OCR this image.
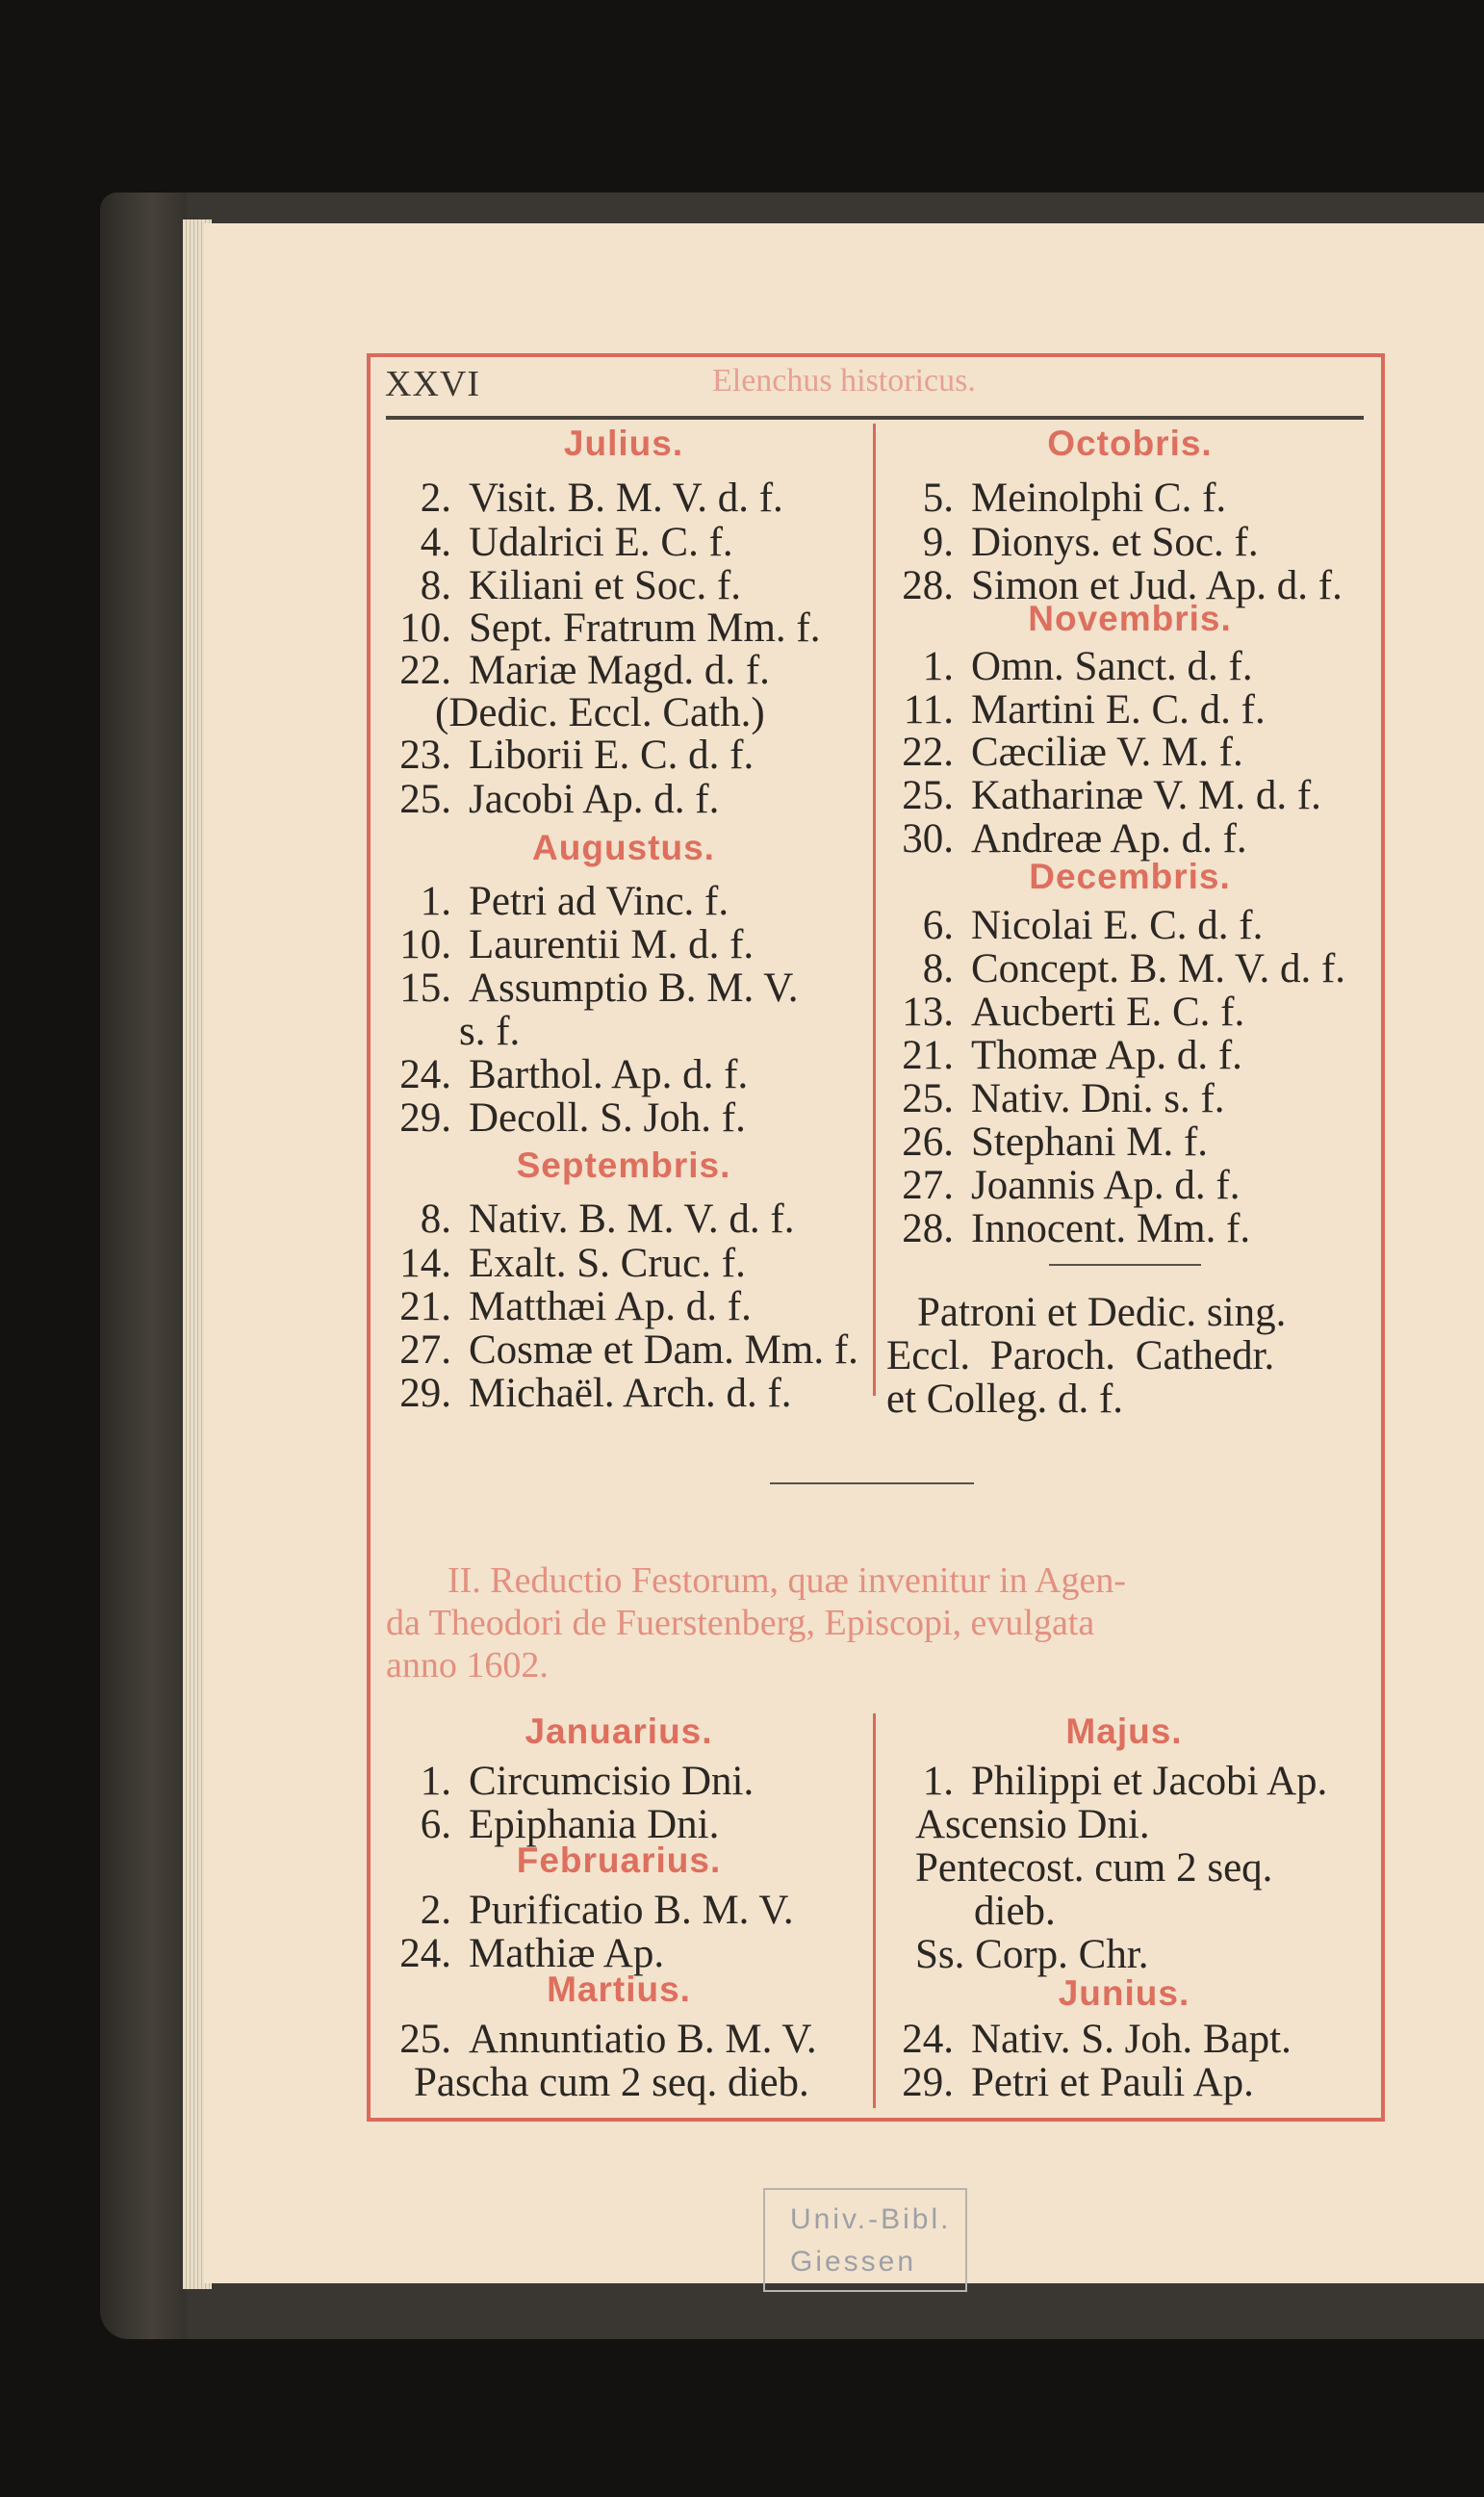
XXVI	Elenchus historicus.
Julius.
2. Visit. B. M. V. d. f.
4. Udalrici E. C. f.
8. Kiliani et Soc. f.
10. Sept. Fratrum Mm. f.
22. Mariæ Magd. d. f.
(Dedic. Eccl. Cath.)
23. Liborii E. C. d. f.
25. Jacobi Ap. d. f.
Augustus.
1. Petri ad Vinc. f.
10. Laurentii M. d. f.
15. Assumptio B. M. V.
s. f.
24. Barthol. Ap. d. f.
29. Decoll. S. Joh. f.
Septembris.
8. Nativ. B. M. V. d. f.
14. Exalt. S. Cruc. f.
21. Matthæi Ap. d. f.
27. Cosmæ et Dam. Mm. f.
29. Michaël. Arch. d. f.
Octobris.
5. Meinolphi C. f.
9. Dionys. et Soc. f.
28. Simon et Jud. Ap. d. f.
Novembris.
1. Omn. Sanct. d. f.
11. Martini E. C. d. f.
22. Cæciliæ V. M. f.
25. Katharinæ V. M. d. f.
30. Andreæ Ap. d. f.
Decembris.
6. Nicolai E. C. d. f.
8. Concept. B. M. V. d. f.
13. Aucberti E. C. f.
21. Thomæ Ap. d. f.
25. Nativ. Dni. s. f.
26. Stephani M. f.
27. Joannis Ap. d. f.
28. Innocent. Mm. f.
Patroni et Dedic. sing.
Eccl. Paroch. Cathedr.
et Colleg. d. f.
II. Reductio Festorum, quæ invenitur in Agen-
da Theodori de Fuerstenberg, Episcopi, evulgata
anno 1602.
Januarius.
1. Circumcisio Dni.
6. Epiphania Dni.
Februarius.
2. Purificatio B. M. V.
24. Mathiæ Ap.
Martius.
25. Annuntiatio B. M. V.
Pascha cum 2 seq. dieb.
Majus.
1. Philippi et Jacobi Ap.
Ascensio Dni.
Pentecost. cum 2 seq.
dieb.
Ss. Corp. Chr.
Junius.
24. Nativ. S. Joh. Bapt.
29. Petri et Pauli Ap.
Univ.-Bibl.
Giessen
